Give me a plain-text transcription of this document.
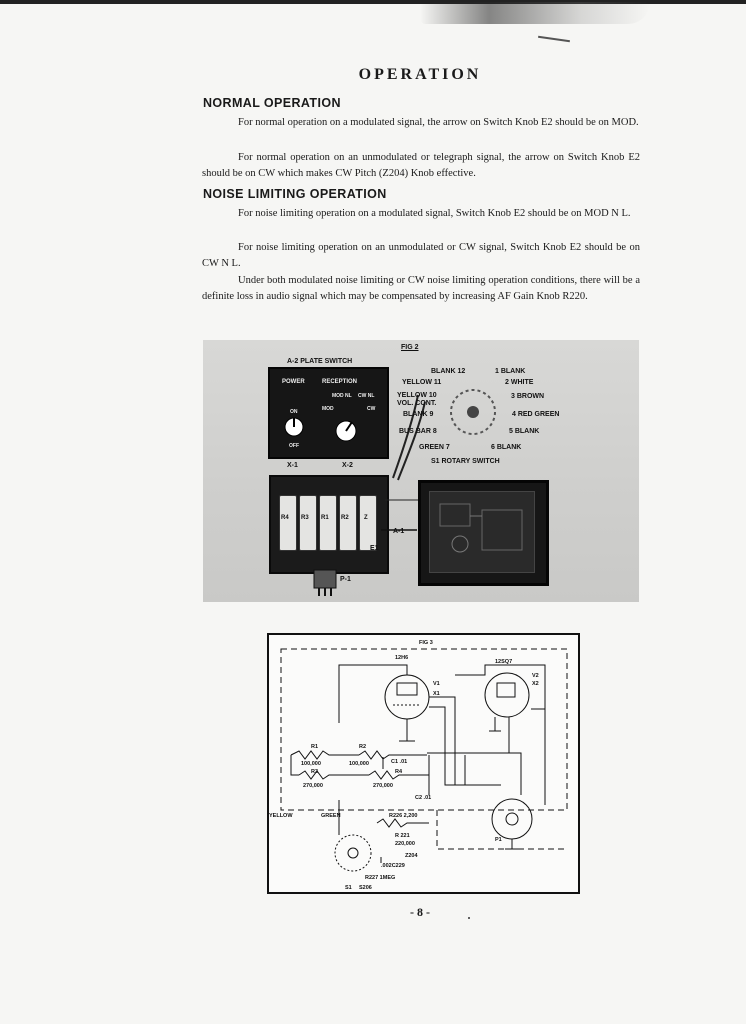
OPERATION
NORMAL OPERATION
For normal operation on a modulated signal, the arrow on Switch Knob E2 should be on MOD.
For normal operation on an unmodulated or telegraph signal, the arrow on Switch Knob E2 should be on CW which makes CW Pitch (Z204) Knob effective.
NOISE LIMITING OPERATION
For noise limiting operation on a modulated signal, Switch Knob E2 should be on MOD N L.
For noise limiting operation on an unmodulated or CW signal, Switch Knob E2 should be on CW N L.
Under both modulated noise limiting or CW noise limiting operation conditions, there will be a definite loss in audio signal which may be compensated by increasing AF Gain Knob R220.
FIG 2
A-2 PLATE SWITCH
POWER	RECEPTION
MOD NL CW NL
MOD	CW
ON
OFF
X-1	X-2
R4 R3 R1 R2	Z
A-1
E1
P-1
BLANK 12	1 BLANK
YELLOW 11	2 WHITE
YELLOW 10
VOL. CONT.
3 BROWN
BLANK 9	4 RED GREEN
BUS BAR 8	5 BLANK
GREEN 7	6 BLANK
S1 ROTARY SWITCH
FIG 3
12H6
V1
X1
12SQ7
V2
X2
R1
100,000
R2
100,000	C1 .01
R3
270,000
R4
270,000
C2 .01
P1
YELLOW	GREEN	R226 2,200
R 221
220,000
Z204
.002C229
R227 1MEG
S1 S206
- 8 -
